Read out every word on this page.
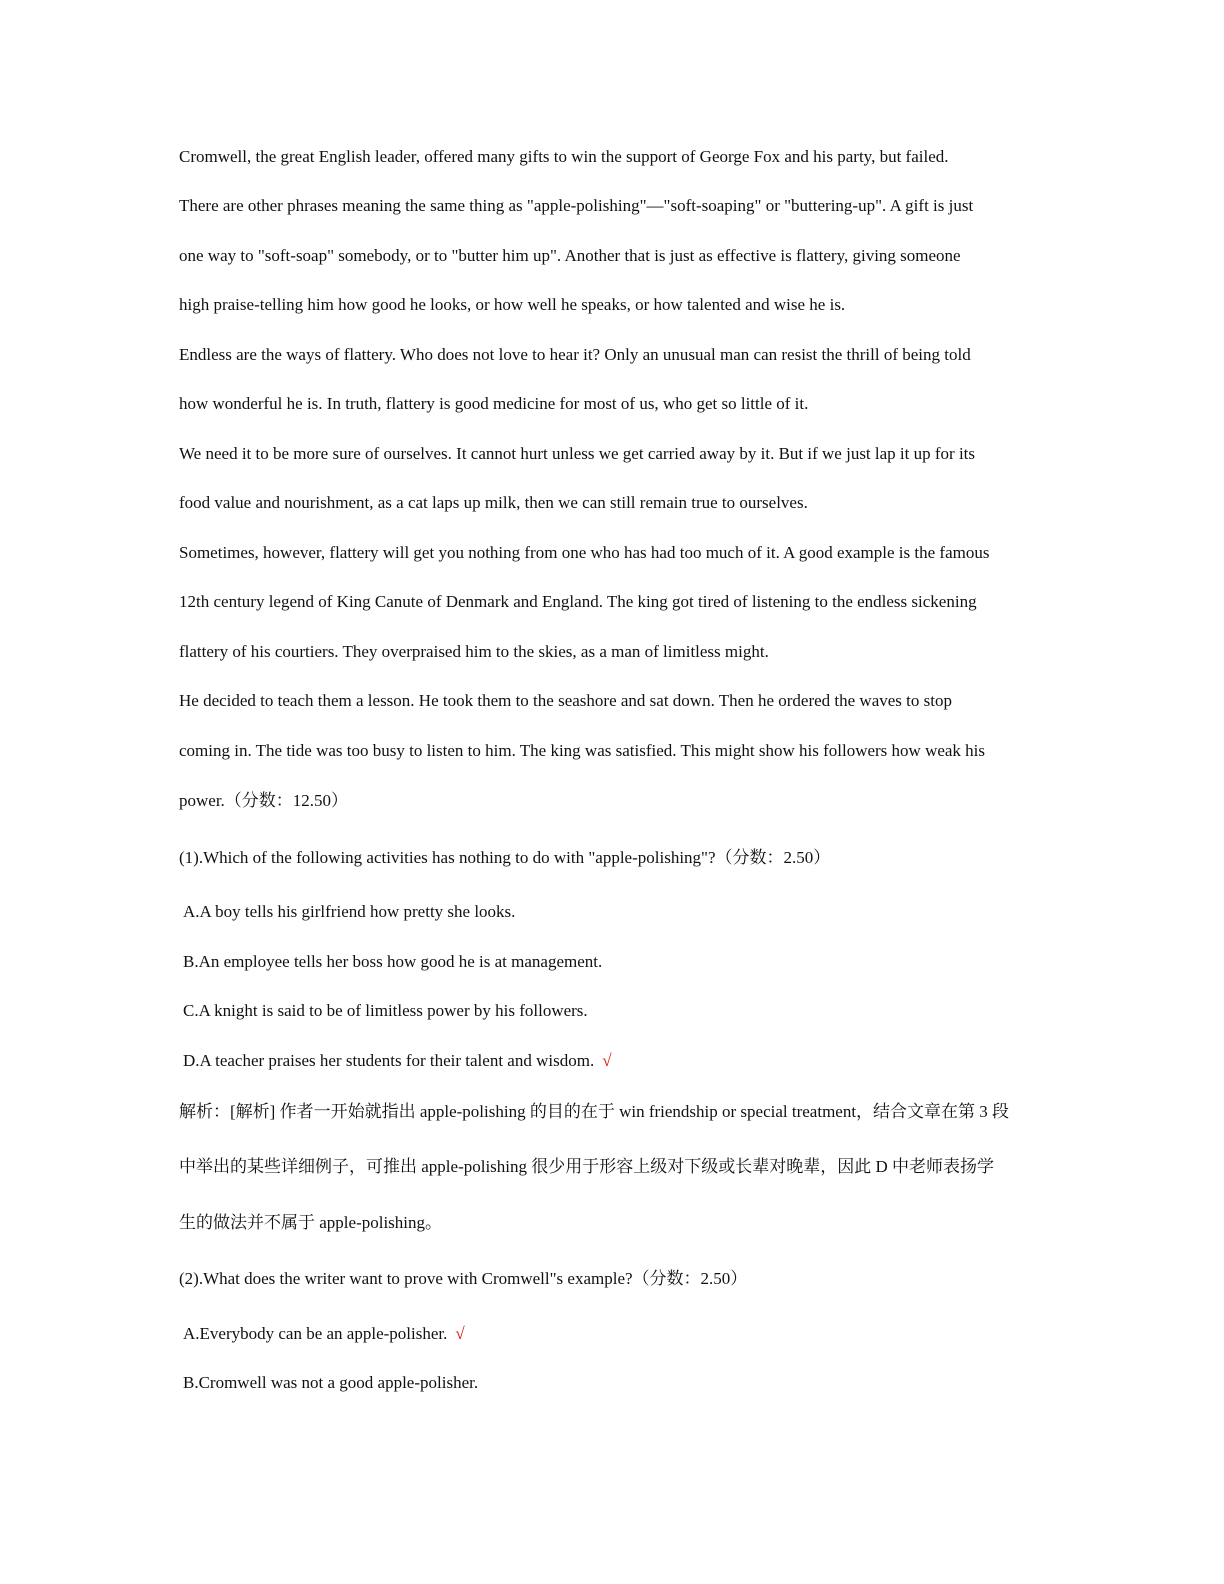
Cromwell, the great English leader, offered many gifts to win the support of George Fox and his party, but failed.
There are other phrases meaning the same thing as "apple-polishing"—"soft-soaping" or "buttering-up". A gift is just
one way to "soft-soap" somebody, or to "butter him up". Another that is just as effective is flattery, giving someone
high praise-telling him how good he looks, or how well he speaks, or how talented and wise he is.
Endless are the ways of flattery. Who does not love to hear it? Only an unusual man can resist the thrill of being told
how wonderful he is. In truth, flattery is good medicine for most of us, who get so little of it.
We need it to be more sure of ourselves. It cannot hurt unless we get carried away by it. But if we just lap it up for its
food value and nourishment, as a cat laps up milk, then we can still remain true to ourselves.
Sometimes, however, flattery will get you nothing from one who has had too much of it. A good example is the famous
12th century legend of King Canute of Denmark and England. The king got tired of listening to the endless sickening
flattery of his courtiers. They overpraised him to the skies, as a man of limitless might.
He decided to teach them a lesson. He took them to the seashore and sat down. Then he ordered the waves to stop
coming in. The tide was too busy to listen to him. The king was satisfied. This might show his followers how weak his
power.（分数：12.50）
(1).Which of the following activities has nothing to do with "apple-polishing"?（分数：2.50）
A.A boy tells his girlfriend how pretty she looks.
B.An employee tells her boss how good he is at management.
C.A knight is said to be of limitless power by his followers.
D.A teacher praises her students for their talent and wisdom. √
解析：[解析] 作者一开始就指出 apple-polishing 的目的在于 win friendship or special treatment，结合文章在第 3 段
中举出的某些详细例子，可推出 apple-polishing 很少用于形容上级对下级或长辈对晚辈，因此 D 中老师表扬学
生的做法并不属于 apple-polishing。
(2).What does the writer want to prove with Cromwell"s example?（分数：2.50）
A.Everybody can be an apple-polisher. √
B.Cromwell was not a good apple-polisher.
